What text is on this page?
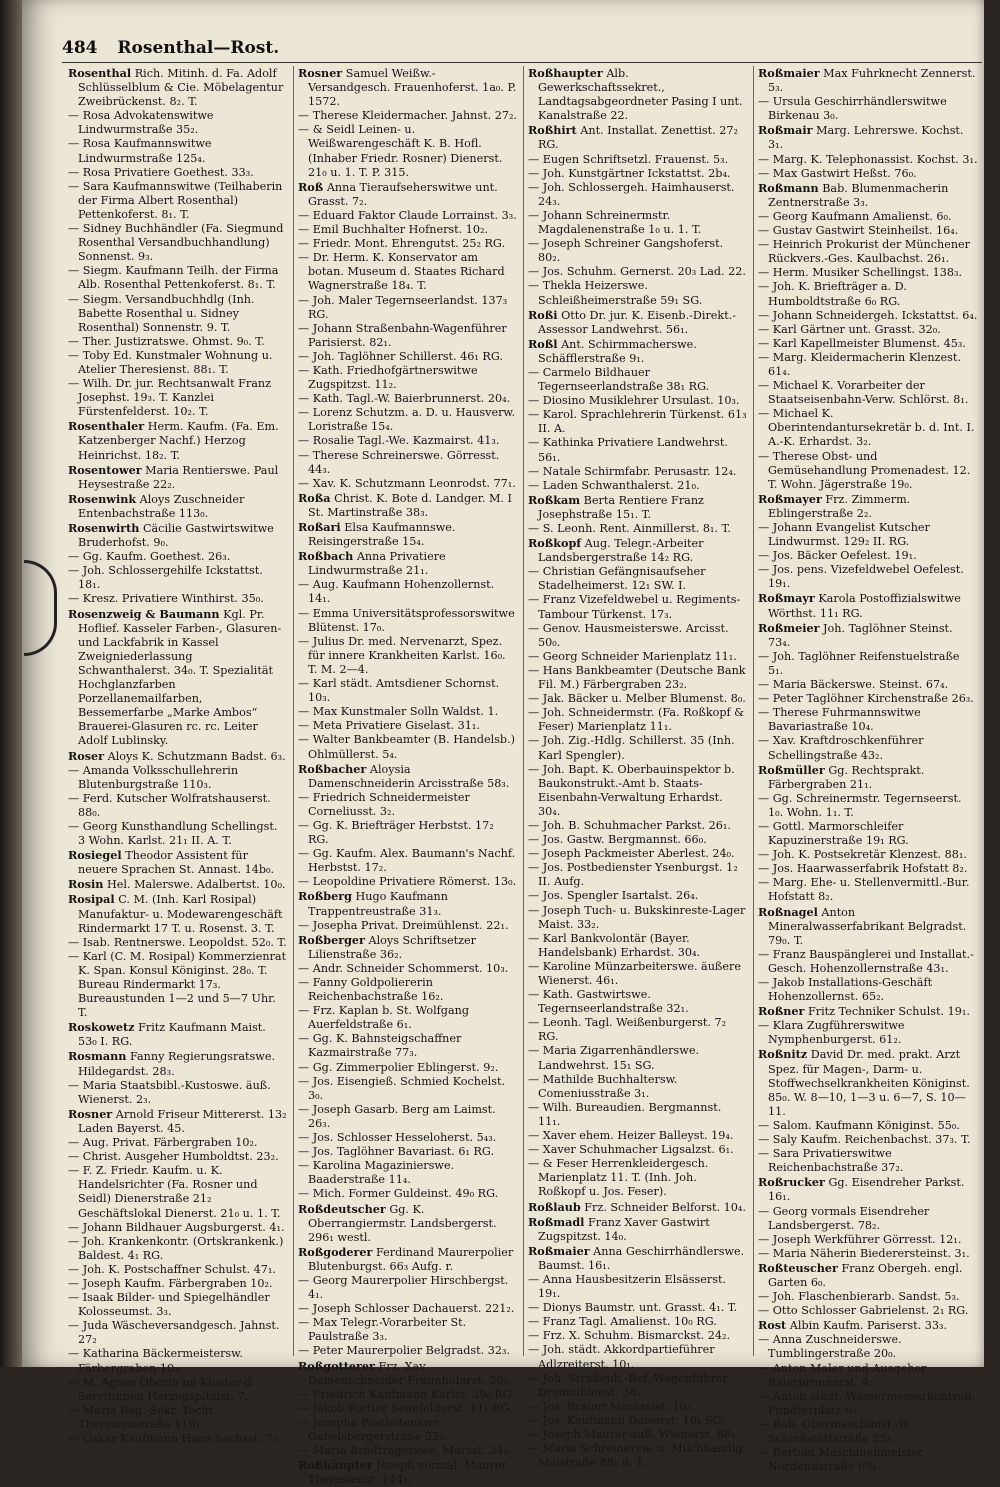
484 Rosenthal—Rost.

Rosenthal Rich. Mitinh. d. Fa. Adolf Schlüsselblum & Cie. Möbelagentur Zweibrückenst. 8₂. T.

— Rosa Advokatenswitwe Lindwurmstraße 35₂.

— Rosa Kaufmannswitwe Lindwurmstraße 125₄.

— Rosa Privatiere Goethest. 33₃.

— Sara Kaufmannswitwe (Teilhaberin der Firma Albert Rosenthal) Pettenkoferst. 8₁. T.

— Sidney Buchhändler (Fa. Siegmund Rosenthal Versandbuchhandlung) Sonnenst. 9₃.

— Siegm. Kaufmann Teilh. der Firma Alb. Rosenthal Pettenkoferst. 8₁. T.

— Siegm. Versandbuchhdlg (Inh. Babette Rosenthal u. Sidney Rosenthal) Sonnenstr. 9. T.

— Ther. Justizratswe. Ohmst. 9₀. T.

— Toby Ed. Kunstmaler Wohnung u. Atelier Theresienst. 88₁. T.

— Wilh. Dr. jur. Rechtsanwalt Franz Josephst. 19₃. T. Kanzlei Fürstenfelderst. 10₂. T.

Rosenthaler Herm. Kaufm. (Fa. Em. Katzenberger Nachf.) Herzog Heinrichst. 18₂. T.

Rosentower Maria Rentierswe. Paul Heysestraße 22₂.

Rosenwink Aloys Zuschneider Entenbachstraße 113₀.

Rosenwirth Cäcilie Gastwirtswitwe Bruderhofst. 9₀.

— Gg. Kaufm. Goethest. 26₃.

— Joh. Schlossergehilfe Ickstattst. 18₁.

— Kresz. Privatiere Winthirst. 35₀.

Rosenzweig & Baumann Kgl. Pr. Hoflief. Kasseler Farben-, Glasuren- und Lackfabrik in Kassel Zweigniederlassung Schwanthalerst. 34₀. T. Spezialität Hochglanzfarben Porzellanemailfarben, Bessemerfarbe „Marke Ambos“ Brauerei-Glasuren rc. rc. Leiter Adolf Lublinsky.

Roser Aloys K. Schutzmann Badst. 6₃.

— Amanda Volksschullehrerin Blutenburgstraße 110₃.

— Ferd. Kutscher Wolfratshauserst. 88₀.

— Georg Kunsthandlung Schellingst. 3 Wohn. Karlst. 21₁ II. A. T.

Rosiegel Theodor Assistent für neuere Sprachen St. Annast. 14b₀.

Rosin Hel. Malerswe. Adalbertst. 10₀.

Rosipal C. M. (Inh. Karl Rosipal) Manufaktur- u. Modewarengeschäft Rindermarkt 17 T. u. Rosenst. 3. T.

— Isab. Rentnerswe. Leopoldst. 52₀. T.

— Karl (C. M. Rosipal) Kommerzienrat K. Span. Konsul Königinst. 28₀. T. Bureau Rindermarkt 17₃. Bureaustunden 1—2 und 5—7 Uhr. T.

Roskowetz Fritz Kaufmann Maist. 53₀ I. RG.

Rosmann Fanny Regierungsratswe. Hildegardst. 28₃.

— Maria Staatsbibl.-Kustoswe. äuß. Wienerst. 2₃.

Rosner Arnold Friseur Mittererst. 13₂ Laden Bayerst. 45.

— Aug. Privat. Färbergraben 10₂.

— Christ. Ausgeher Humboldtst. 23₂.

— F. Z. Friedr. Kaufm. u. K. Handelsrichter (Fa. Rosner und Seidl) Dienerstraße 21₂ Geschäftslokal Dienerst. 21₀ u. 1. T.

— Johann Bildhauer Augsburgerst. 4₁.

— Joh. Krankenkontr. (Ortskrankenk.) Baldest. 4₁ RG.

— Joh. K. Postschaffner Schulst. 47₁.

— Joseph Kaufm. Färbergraben 10₂.

— Isaak Bilder- und Spiegelhändler Kolosseumst. 3₃.

— Juda Wäscheversandgesch. Jahnst. 27₂

— Katharina Bäckermeistersw. Färbergraben 10₂.

— M. Agnes Oberin im Kloster d. Servitinnen Herzogspitalst. 7.

— Maria Reg.-Sekr.-Tocht. Theresienstraße 110₁.

— Oskar Kaufmann Hans Sachsst. 7₂.

Rosner Samuel Weißw.-Versandgesch. Frauenhoferst. 1a₀. P. 1572.

— Therese Kleidermacher. Jahnst. 27₂.

— & Seidl Leinen- u. Weißwarengeschäft K. B. Hofl. (Inhaber Friedr. Rosner) Dienerst. 21₀ u. 1. T. P. 315.

Roß Anna Tieraufseherswitwe unt. Grasst. 7₂.

— Eduard Faktor Claude Lorrainst. 3₃.

— Emil Buchhalter Hofnerst. 10₂.

— Friedr. Mont. Ehrengutst. 25₂ RG.

— Dr. Herm. K. Konservator am botan. Museum d. Staates Richard Wagnerstraße 18₄. T.

— Joh. Maler Tegernseerlandst. 137₃ RG.

— Johann Straßenbahn-Wagenführer Parisierst. 82₁.

— Joh. Taglöhner Schillerst. 46₁ RG.

— Kath. Friedhofgärtnerswitwe Zugspitzst. 11₂.

— Kath. Tagl.-W. Baierbrunnerst. 20₄.

— Lorenz Schutzm. a. D. u. Hausverw. Loristraße 15₄.

— Rosalie Tagl.-We. Kazmairst. 41₃.

— Therese Schreinerswe. Görresst. 44₃.

— Xav. K. Schutzmann Leonrodst. 77₁.

Roßa Christ. K. Bote d. Landger. M. I St. Martinstraße 38₃.

Roßari Elsa Kaufmannswe. Reisingerstraße 15₄.

Roßbach Anna Privatiere Lindwurmstraße 21₁.

— Aug. Kaufmann Hohenzollernst. 14₁.

— Emma Universitätsprofessorswitwe Blütenst. 17₀.

— Julius Dr. med. Nervenarzt, Spez. für innere Krankheiten Karlst. 16₀. T. M. 2—4.

— Karl städt. Amtsdiener Schornst. 10₃.

— Max Kunstmaler Solln Waldst. 1.

— Meta Privatiere Giselast. 31₁.

— Walter Bankbeamter (B. Handelsb.) Ohlmüllerst. 5₄.

Roßbacher Aloysia Damenschneiderin Arcisstraße 58₃.

— Friedrich Schneidermeister Corneliusst. 3₂.

— Gg. K. Briefträger Herbstst. 17₂ RG.

— Gg. Kaufm. Alex. Baumann's Nachf. Herbstst. 17₂.

— Leopoldine Privatiere Römerst. 13₀.

Roßberg Hugo Kaufmann Trappentreustraße 31₃.

— Josepha Privat. Dreimühlenst. 22₁.

Roßberger Aloys Schriftsetzer Lilienstraße 36₂.

— Andr. Schneider Schommerst. 10₃.

— Fanny Goldpoliererin Reichenbachstraße 16₂.

— Frz. Kaplan b. St. Wolfgang Auerfeldstraße 6₁.

— Gg. K. Bahnsteigschaffner Kazmairstraße 77₃.

— Gg. Zimmerpolier Eblingerst. 9₂.

— Jos. Eisengieß. Schmied Kochelst. 3₀.

— Joseph Gasarb. Berg am Laimst. 26₃.

— Jos. Schlosser Hesseloherst. 5₄₃.

— Jos. Taglöhner Bavariast. 6₁ RG.

— Karolina Magazinierswe. Baaderstraße 11₄.

— Mich. Former Guldeinst. 49₀ RG.

Roßdeutscher Gg. K. Oberrangiermstr. Landsbergerst. 296₁ westl.

Roßgoderer Ferdinand Maurerpolier Blutenburgst. 66₃ Aufg. r.

— Georg Maurerpolier Hirschbergst. 4₁.

— Joseph Schlosser Dachauerst. 221₂.

— Max Telegr.-Vorarbeiter St. Paulstraße 3₃.

— Peter Maurerpolier Belgradst. 32₃.

Roßgotterer Frz. Xav. Damenschneider Fraunhoferst. 20₃.

— Friedrich Kaufmann Karlst. 39₀ RG.

— Jakob Portier Senefelderst. 11₁ RG.

— Josepha Posthotenswe. Gabelsbergerstraße 55₃.

— Maria Briefträgerswe. Marsst. 34₂.

Roßhäupter Joseph vormal. Maurer Theresienst. 144₃.

Roßhaupter Alb. Gewerkschaftssekret., Landtagsabgeordneter Pasing I unt. Kanalstraße 22.

Roßhirt Ant. Installat. Zenettist. 27₂ RG.

— Eugen Schriftsetzl. Frauenst. 5₃.

— Joh. Kunstgärtner Ickstattst. 2b₄.

— Joh. Schlossergeh. Haimhauserst. 24₃.

— Johann Schreinermstr. Magdalenenstraße 1₀ u. 1. T.

— Joseph Schreiner Gangshoferst. 80₂.

— Jos. Schuhm. Gernerst. 20₃ Lad. 22.

— Thekla Heizerswe. Schleißheimerstraße 59₁ SG.

Roßi Otto Dr. jur. K. Eisenb.-Direkt.-Assessor Landwehrst. 56₁.

Roßl Ant. Schirmmacherswe. Schäfflerstraße 9₁.

— Carmelo Bildhauer Tegernseerlandstraße 38₁ RG.

— Diosino Musiklehrer Ursulast. 10₃.

— Karol. Sprachlehrerin Türkenst. 61₃ II. A.

— Kathinka Privatiere Landwehrst. 56₁.

— Natale Schirmfabr. Perusastr. 12₄.

— Laden Schwanthalerst. 21₀.

Roßkam Berta Rentiere Franz Josephstraße 15₁. T.

— S. Leonh. Rent. Ainmillerst. 8₁. T.

Roßkopf Aug. Telegr.-Arbeiter Landsbergerstraße 14₂ RG.

— Christian Gefängnisaufseher Stadelheimerst. 12₁ SW. I.

— Franz Vizefeldwebel u. Regiments-Tambour Türkenst. 17₃.

— Genov. Hausmeisterswe. Arcisst. 50₀.

— Georg Schneider Marienplatz 11₁.

— Hans Bankbeamter (Deutsche Bank Fil. M.) Färbergraben 23₂.

— Jak. Bäcker u. Melber Blumenst. 8₀.

— Joh. Schneidermstr. (Fa. Roßkopf & Feser) Marienplatz 11₁.

— Joh. Zig.-Hdlg. Schillerst. 35 (Inh. Karl Spengler).

— Joh. Bapt. K. Oberbauinspektor b. Baukonstrukt.-Amt b. Staats-Eisenbahn-Verwaltung Erhardst. 30₄.

— Joh. B. Schuhmacher Parkst. 26₁.

— Jos. Gastw. Bergmannst. 66₀.

— Joseph Packmeister Aberlest. 24₀.

— Jos. Postbedienster Ysenburgst. 1₂ II. Aufg.

— Jos. Spengler Isartalst. 26₄.

— Joseph Tuch- u. Bukskinreste-Lager Maist. 33₂.

— Karl Bankvolontär (Bayer. Handelsbank) Erhardst. 30₄.

— Karoline Münzarbeiterswe. äußere Wienerst. 46₁.

— Kath. Gastwirtswe. Tegernseerlandstraße 32₁.

— Leonh. Tagl. Weißenburgerst. 7₂ RG.

— Maria Zigarrenhändlerswe. Landwehrst. 15₁ SG.

— Mathilde Buchhaltersw. Comeniusstraße 3₁.

— Wilh. Bureaudien. Bergmannst. 11₁.

— Xaver ehem. Heizer Balleyst. 19₄.

— Xaver Schuhmacher Ligsalzst. 6₁.

— & Feser Herrenkleidergesch. Marienplatz 11. T. (Inh. Joh. Roßkopf u. Jos. Feser).

Roßlaub Frz. Schneider Belforst. 10₄.

Roßmadl Franz Xaver Gastwirt Zugspitzst. 14₀.

Roßmaier Anna Geschirrhändlerswe. Baumst. 16₁.

— Anna Hausbesitzerin Elsässerst. 19₁.

— Dionys Baumstr. unt. Grasst. 4₁. T.

— Franz Tagl. Amalienst. 10₀ RG.

— Frz. X. Schuhm. Bismarckst. 24₂.

— Joh. städt. Akkordpartieführer Adlzreiterst. 10₁.

— Joh. Straßenb.-Ref.-Wagenführer Dreimühlenst. 38₁.

— Jos. Brauer Morassist. 16₂.

— Jos. Kaufmann Daiserst. 16₁ SG.

— Joseph Maurer äuß. Wienerst. 88₁.

— Maria Schreinersw. u. Milchhandlg. Maistraße 88₀ u. 1.

Roßmaier Max Fuhrknecht Zennerst. 5₃.

— Ursula Geschirrhändlerswitwe Birkenau 3₀.

Roßmair Marg. Lehrerswe. Kochst. 3₁.

— Marg. K. Telephonassist. Kochst. 3₁.

— Max Gastwirt Heßst. 76₀.

Roßmann Bab. Blumenmacherin Zentnerstraße 3₃.

— Georg Kaufmann Amalienst. 6₀.

— Gustav Gastwirt Steinheilst. 16₄.

— Heinrich Prokurist der Münchener Rückvers.-Ges. Kaulbachst. 26₁.

— Herm. Musiker Schellingst. 138₃.

— Joh. K. Briefträger a. D. Humboldtstraße 6₀ RG.

— Johann Schneidergeh. Ickstattst. 6₄.

— Karl Gärtner unt. Grasst. 32₀.

— Karl Kapellmeister Blumenst. 45₃.

— Marg. Kleidermacherin Klenzest. 61₄.

— Michael K. Vorarbeiter der Staatseisenbahn-Verw. Schlörst. 8₁.

— Michael K. Oberintendantursekretär b. d. Int. I. A.-K. Erhardst. 3₂.

— Therese Obst- und Gemüsehandlung Promenadest. 12. T. Wohn. Jägerstraße 19₀.

Roßmayer Frz. Zimmerm. Eblingerstraße 2₂.

— Johann Evangelist Kutscher Lindwurmst. 129₂ II. RG.

— Jos. Bäcker Oefelest. 19₁.

— Jos. pens. Vizefeldwebel Oefelest. 19₁.

Roßmayr Karola Postoffizialswitwe Wörthst. 11₁ RG.

Roßmeier Joh. Taglöhner Steinst. 73₄.

— Joh. Taglöhner Reifenstuelstraße 5₁.

— Maria Bäckerswe. Steinst. 67₄.

— Peter Taglöhner Kirchenstraße 26₃.

— Therese Fuhrmannswitwe Bavariastraße 10₄.

— Xav. Kraftdroschkenführer Schellingstraße 43₂.

Roßmüller Gg. Rechtsprakt. Färbergraben 21₁.

— Gg. Schreinermstr. Tegernseerst. 1₀. Wohn. 1₁. T.

— Gottl. Marmorschleifer Kapuzinerstraße 19₁ RG.

— Joh. K. Postsekretär Klenzest. 88₁.

— Jos. Haarwasserfabrik Hofstatt 8₂.

— Marg. Ehe- u. Stellenvermittl.-Bur. Hofstatt 8₂.

Roßnagel Anton Mineralwasserfabrikant Belgradst. 79₀. T.

— Franz Bauspänglerei und Installat.-Gesch. Hohenzollernstraße 43₁.

— Jakob Installations-Geschäft Hohenzollernst. 65₂.

Roßner Fritz Techniker Schulst. 19₁.

— Klara Zugführerswitwe Nymphenburgerst. 61₂.

Roßnitz David Dr. med. prakt. Arzt Spez. für Magen-, Darm- u. Stoffwechselkrankheiten Königinst. 85₀. W. 8—10, 1—3 u. 6—7, S. 10—11.

— Salom. Kaufmann Königinst. 55₀.

— Saly Kaufm. Reichenbachst. 37₃. T.

— Sara Privatierswitwe Reichenbachstraße 37₂.

Roßrucker Gg. Eisendreher Parkst. 16₁.

— Georg vormals Eisendreher Landsbergerst. 78₂.

— Joseph Werkführer Görresst. 12₁.

— Maria Näherin Biederersteinst. 3₁.

Roßteuscher Franz Obergeh. engl. Garten 6₀.

— Joh. Flaschenbierarb. Sandst. 5₃.

— Otto Schlosser Gabrielenst. 2₁ RG.

Rost Albin Kaufm. Pariserst. 33₃.

— Anna Zuschneiderswe. Tumblingerstraße 20₀.

— Anton Maler und Ausgeher Baierbrunnerst. 4₂.

— Anton städt. Wassermesserkontroll. Pündterplatz 6₃.

— Bab. Obermaschinist.-W. Schießstättstraße 25₁.

— Bertold Maschinenmeister Nordendstraße 69₁.
